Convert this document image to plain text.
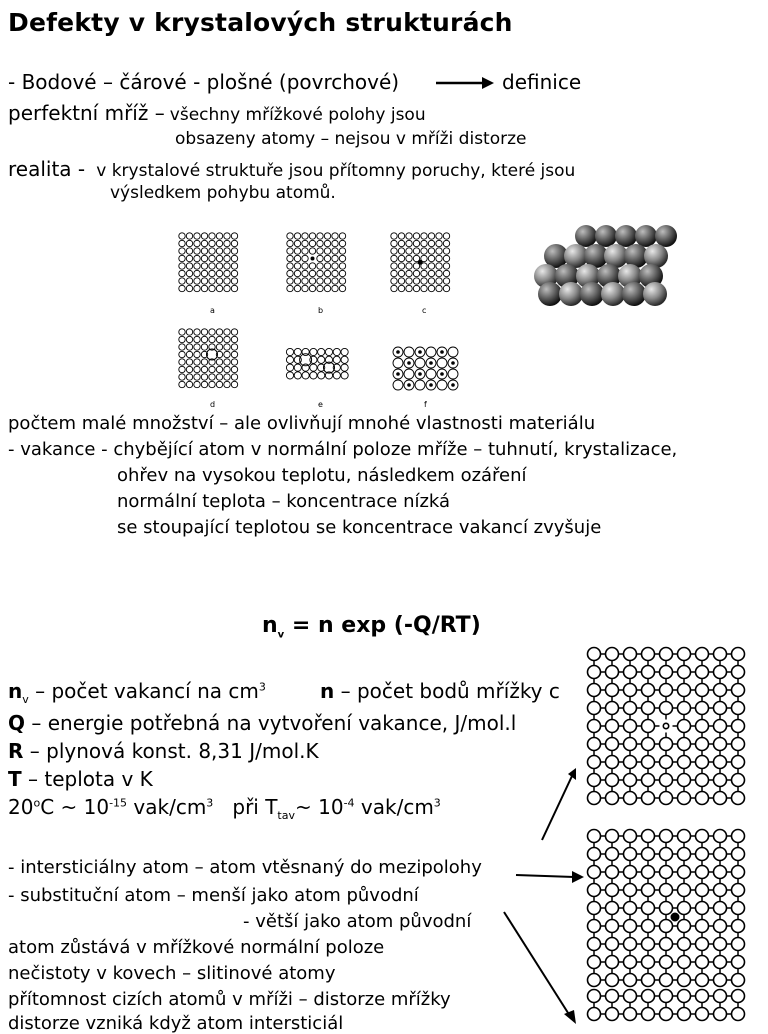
Defekty v krystalových strukturách
- Bodové – čárové - plošné (povrchové)	definice
perfektní mříž – všechny mřížkové polohy jsou
obsazeny atomy – nejsou v mříži distorze
realita - v krystalové struktuře jsou přítomny poruchy, které jsou
výsledkem pohybu atomů.
a	b	c
d	e	f
počtem malé množství – ale ovlivňují mnohé vlastnosti materiálu
- vakance - chybějící atom v normální poloze mříže – tuhnutí, krystalizace,
ohřev na vysokou teplotu, následkem ozáření
normální teplota – koncentrace nízká
se stoupající teplotou se koncentrace vakancí zvyšuje
$n_v = n$ exp (-Q/RT)
$n_v$ – počet vakancí na $cm^3$	n – počet bodů mřížky c
Q – energie potřebná na vytvoření vakance, J/mol.l
R – plynová konst. 8,31 J/mol.K
T – teplota v K
20$^o$C ~ $10^{-15}$ vak/$cm^3$   při $T_{tav}\sim$ $10^{-4}$ vak/$cm^3$
- intersticiálny atom – atom vtěsnaný do mezipolohy
- substituční atom – menší jako atom původní
- větší jako atom původní
atom zůstává v mřížkové normální poloze
nečistoty v kovech – slitinové atomy
přítomnost cizích atomů v mříži – distorze mřížky
distorze vzniká když atom intersticiál
